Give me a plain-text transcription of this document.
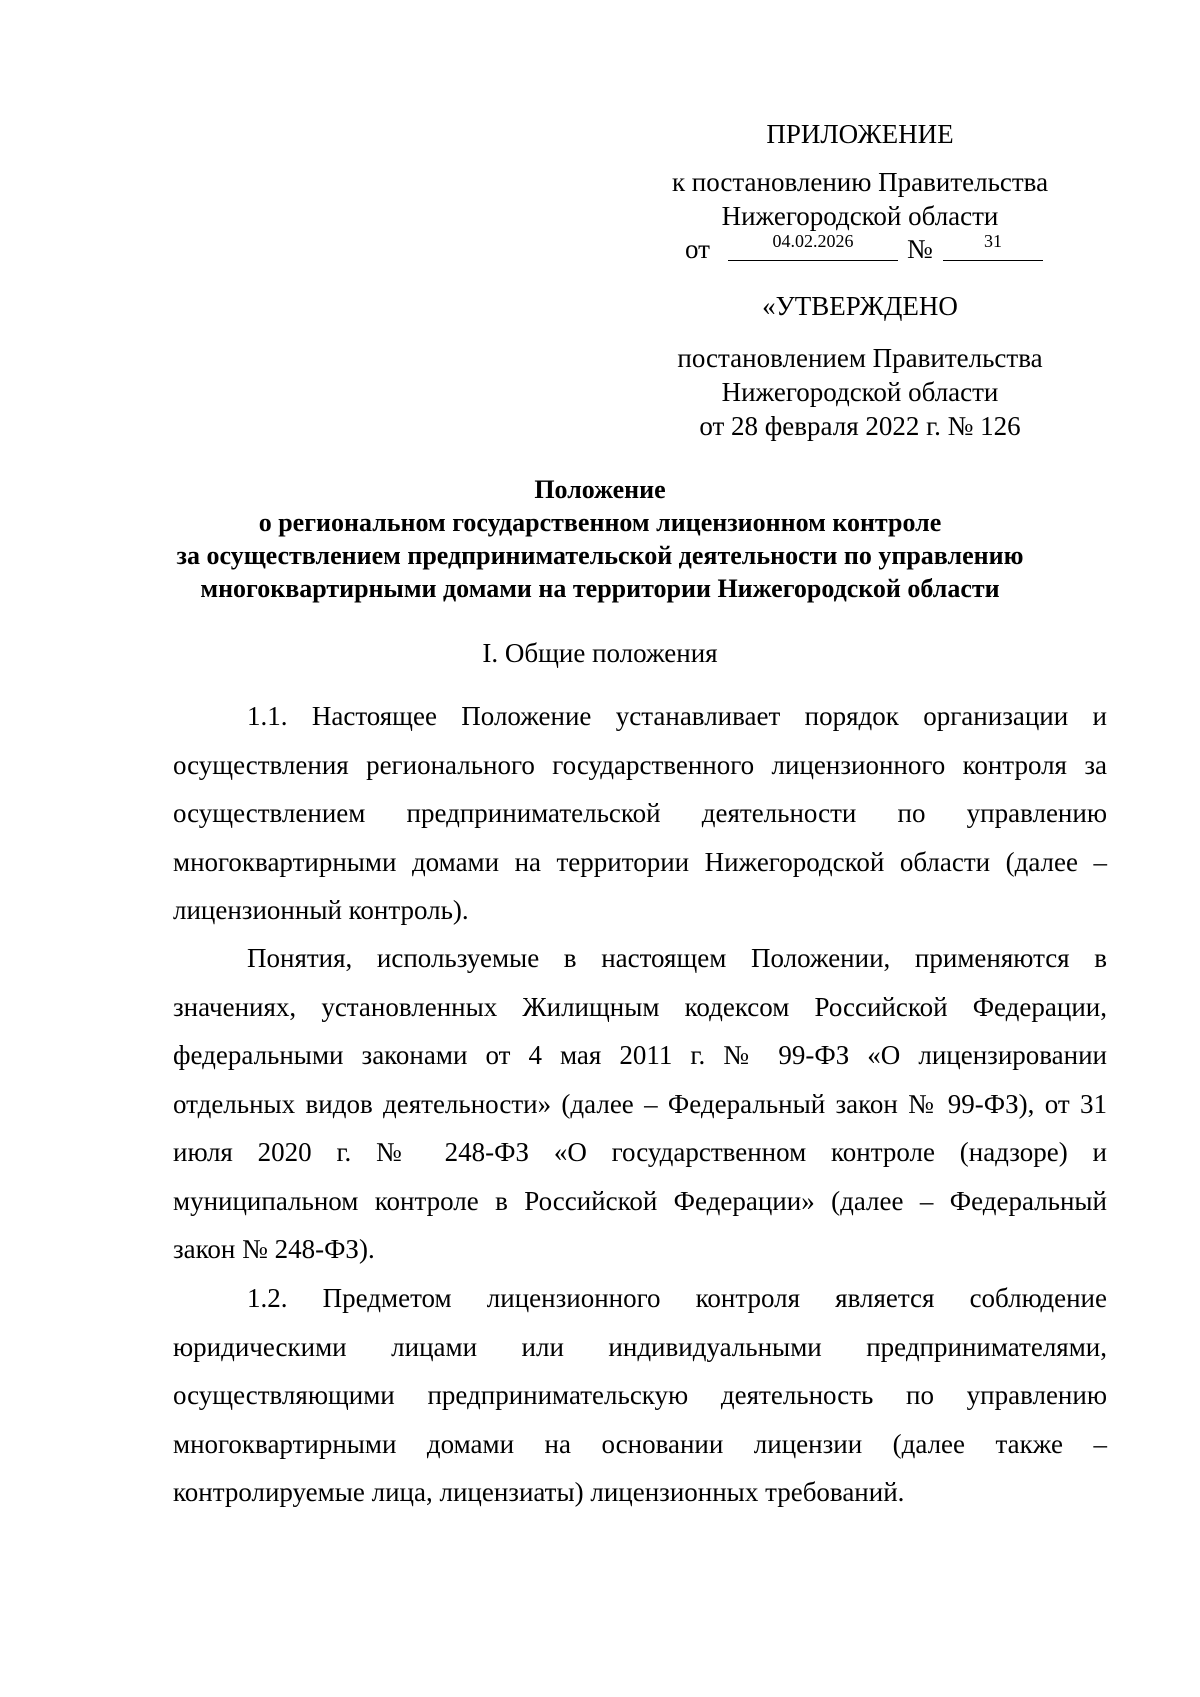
ПРИЛОЖЕНИЕ
к постановлению Правительства
Нижегородской области
от	04.02.2026	№	31
«УТВЕРЖДЕНО
постановлением Правительства
Нижегородской области
от 28 февраля 2022 г. № 126
Положение
о региональном государственном лицензионном контроле
за осуществлением предпринимательской деятельности по управлению
многоквартирными домами на территории Нижегородской области
I. Общие положения

1.1. Настоящее Положение устанавливает порядок организации и осуществления регионального государственного лицензионного контроля за осуществлением предпринимательской деятельности по управлению многоквартирными домами на территории Нижегородской области (далее – лицензионный контроль).

Понятия, используемые в настоящем Положении, применяются в значениях, установленных Жилищным кодексом Российской Федерации, федеральными законами от 4 мая 2011 г. № 99-ФЗ «О лицензировании отдельных видов деятельности» (далее – Федеральный закон № 99-ФЗ), от 31 июля 2020 г. № 248-ФЗ «О государственном контроле (надзоре) и муниципальном контроле в Российской Федерации» (далее – Федеральный закон № 248-ФЗ).

1.2. Предметом лицензионного контроля является соблюдение юридическими лицами или индивидуальными предпринимателями, осуществляющими предпринимательскую деятельность по управлению многоквартирными домами на основании лицензии (далее также – контролируемые лица, лицензиаты) лицензионных требований.
